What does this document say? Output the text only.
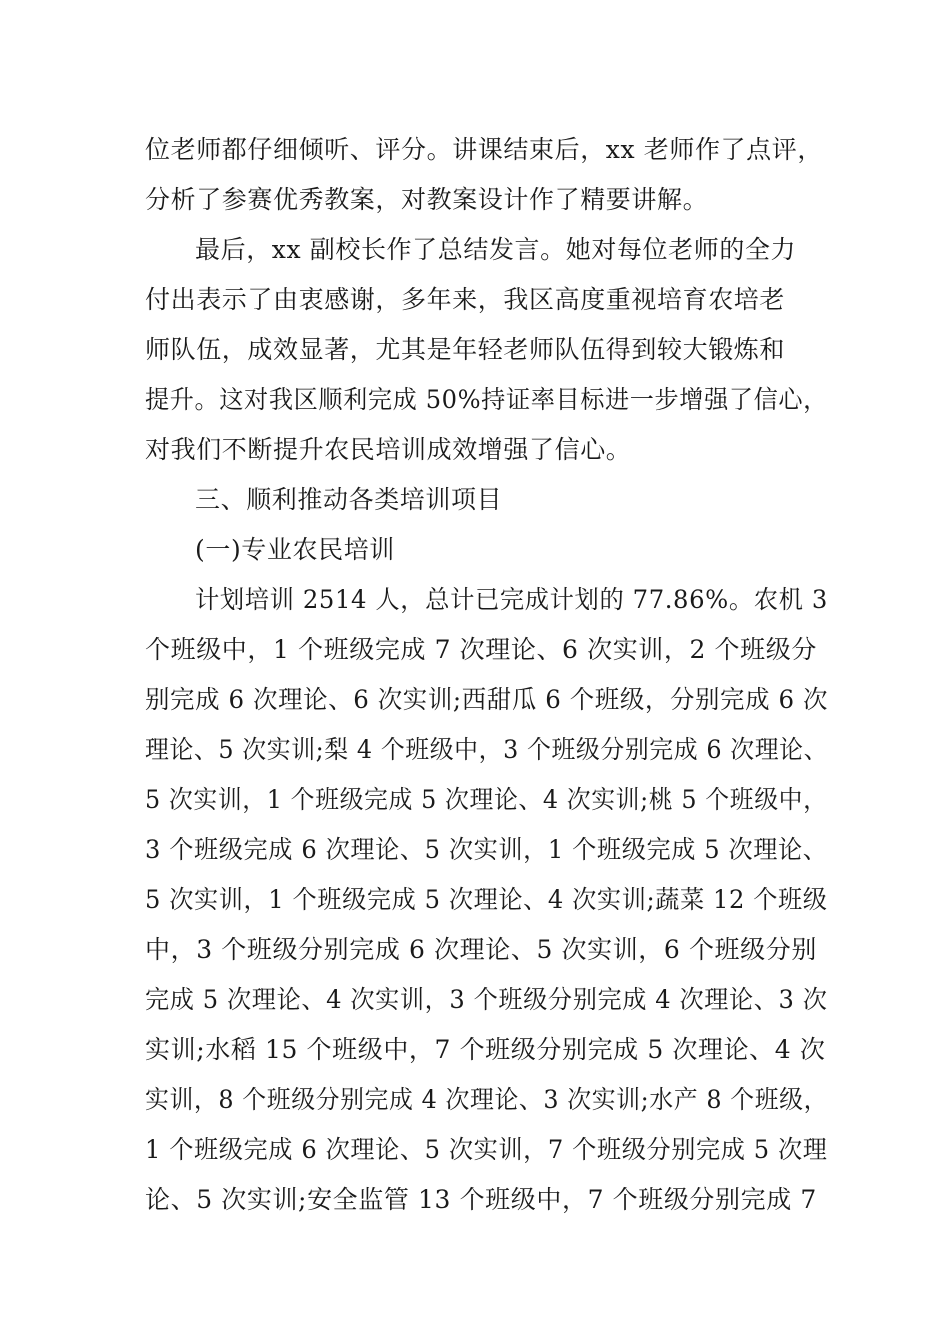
位老师都仔细倾听、评分。讲课结束后，xx 老师作了点评，
分析了参赛优秀教案，对教案设计作了精要讲解。
最后，xx 副校长作了总结发言。她对每位老师的全力
付出表示了由衷感谢，多年来，我区高度重视培育农培老
师队伍，成效显著，尤其是年轻老师队伍得到较大锻炼和
提升。这对我区顺利完成 50%持证率目标进一步增强了信心，
对我们不断提升农民培训成效增强了信心。
三、顺利推动各类培训项目
(一)专业农民培训
计划培训 2514 人，总计已完成计划的 77.86%。农机 3
个班级中，1 个班级完成 7 次理论、6 次实训，2 个班级分
别完成 6 次理论、6 次实训;西甜瓜 6 个班级，分别完成 6 次
理论、5 次实训;梨 4 个班级中，3 个班级分别完成 6 次理论、
5 次实训，1 个班级完成 5 次理论、4 次实训;桃 5 个班级中，
3 个班级完成 6 次理论、5 次实训，1 个班级完成 5 次理论、
5 次实训，1 个班级完成 5 次理论、4 次实训;蔬菜 12 个班级
中，3 个班级分别完成 6 次理论、5 次实训，6 个班级分别
完成 5 次理论、4 次实训，3 个班级分别完成 4 次理论、3 次
实训;水稻 15 个班级中，7 个班级分别完成 5 次理论、4 次
实训，8 个班级分别完成 4 次理论、3 次实训;水产 8 个班级，
1 个班级完成 6 次理论、5 次实训，7 个班级分别完成 5 次理
论、5 次实训;安全监管 13 个班级中，7 个班级分别完成 7
